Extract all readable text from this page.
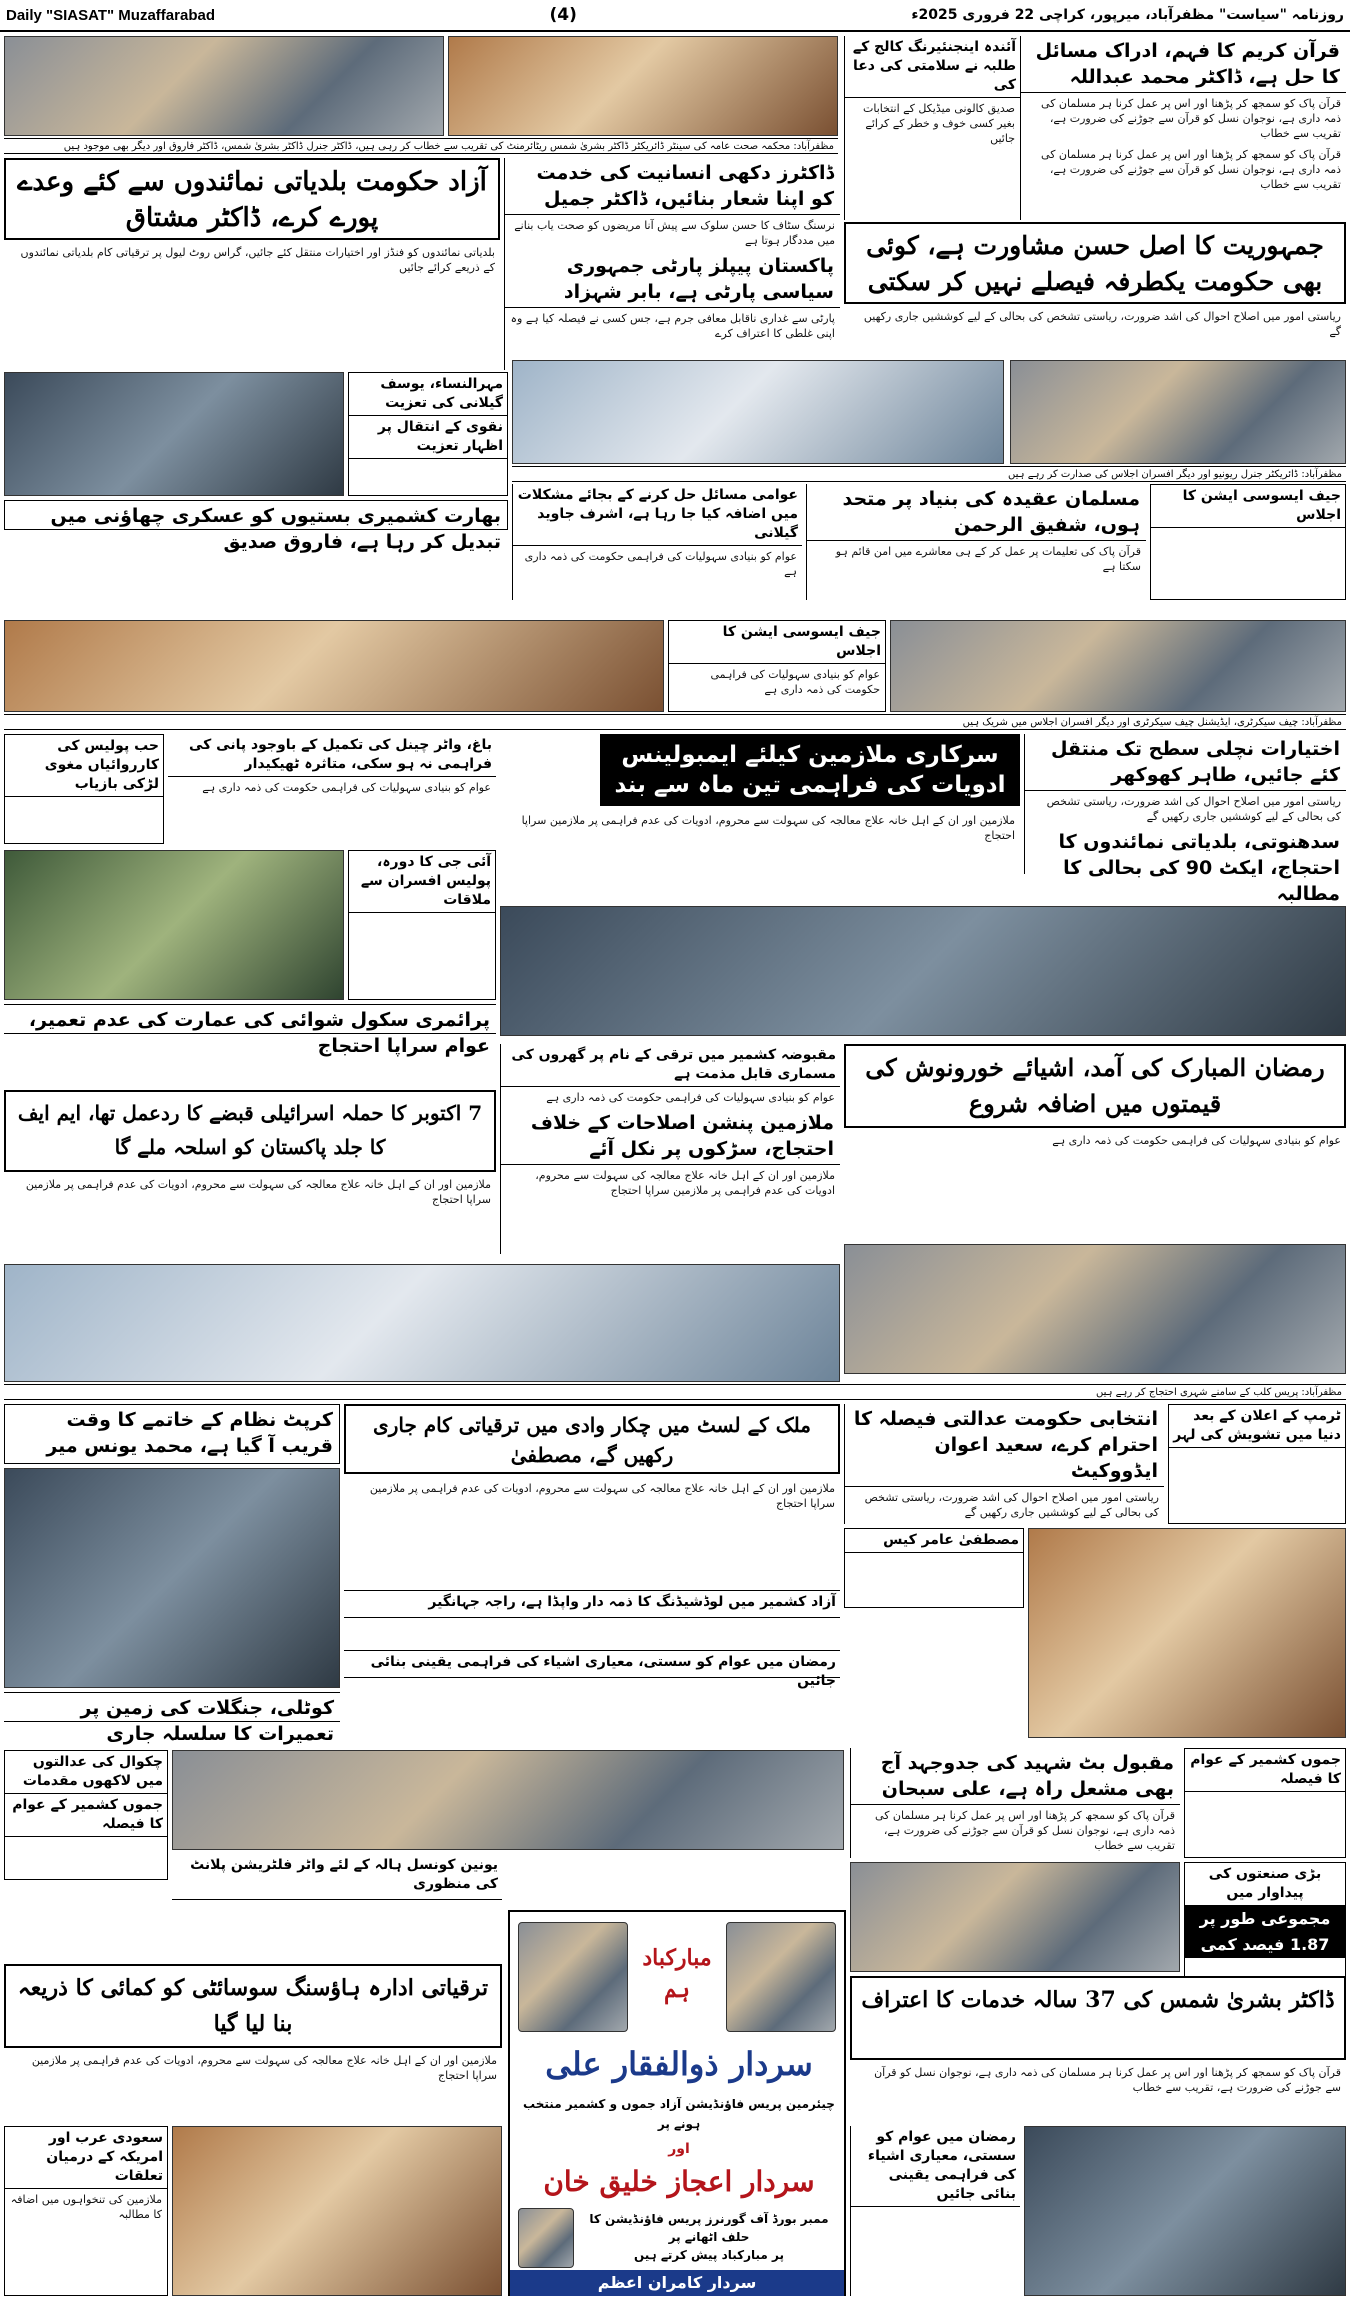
Daily "SIASAT" Muzaffarabad	(4)	روزنامہ "سیاست" مظفرآباد، میرپور، کراچی 22 فروری 2025ء
مظفرآباد: محکمہ صحت عامہ کی سینٹر ڈائریکٹر ڈاکٹر بشریٰ شمس ریٹائرمنٹ کی تقریب سے خطاب کر رہی ہیں، ڈاکٹر جنرل ڈاکٹر بشریٰ شمس، ڈاکٹر فاروق اور دیگر بھی موجود ہیں
قرآن کریم کا فہم، ادراک مسائل کا حل ہے، ڈاکٹر محمد عبداللہ
قرآن پاک کو سمجھ کر پڑھنا اور اس پر عمل کرنا ہر مسلمان کی ذمہ داری ہے، نوجوان نسل کو قرآن سے جوڑنے کی ضرورت ہے، تقریب سے خطاب
قرآن پاک کو سمجھ کر پڑھنا اور اس پر عمل کرنا ہر مسلمان کی ذمہ داری ہے، نوجوان نسل کو قرآن سے جوڑنے کی ضرورت ہے، تقریب سے خطاب
آئندہ اینجنئیرنگ کالج کے طلبہ نے سلامتی کی دعا کی
صدیق کالونی میڈیکل کے انتخابات بغیر کسی خوف و خطر کے کرائے جائیں
آزاد حکومت بلدیاتی نمائندوں سے کئے وعدے پورے کرے، ڈاکٹر مشتاق
بلدیاتی نمائندوں کو فنڈز اور اختیارات منتقل کئے جائیں، گراس روٹ لیول پر ترقیاتی کام بلدیاتی نمائندوں کے ذریعے کرائے جائیں
ڈاکٹرز دکھی انسانیت کی خدمت کو اپنا شعار بنائیں، ڈاکٹر جمیل
نرسنگ سٹاف کا حسن سلوک سے پیش آنا مریضوں کو صحت یاب بنانے میں مددگار ہوتا ہے
پاکستان پیپلز پارٹی جمہوری سیاسی پارٹی ہے، بابر شہزاد
پارٹی سے غداری ناقابل معافی جرم ہے، جس کسی نے فیصلہ کیا ہے وہ اپنی غلطی کا اعتراف کرے
جمہوریت کا اصل حسن مشاورت ہے، کوئی بھی حکومت یکطرفہ فیصلے نہیں کر سکتی
ریاستی امور میں اصلاح احوال کی اشد ضرورت، ریاستی تشخص کی بحالی کے لیے کوششیں جاری رکھیں گے
مظفرآباد: ڈائریکٹر جنرل ریونیو اور دیگر افسران اجلاس کی صدارت کر رہے ہیں
مہرالنساء، یوسف گیلانی کی تعزیت
نقوی کے انتقال پر اظہار تعزیت
بھارت کشمیری بستیوں کو عسکری چھاؤنی میں تبدیل کر رہا ہے، فاروق صدیق
عوامی مسائل حل کرنے کے بجائے مشکلات میں اضافہ کیا جا رہا ہے، اشرف جاوید گیلانی
عوام کو بنیادی سہولیات کی فراہمی حکومت کی ذمہ داری ہے
مسلمان عقیدہ کی بنیاد پر متحد ہوں، شفیق الرحمن
قرآن پاک کی تعلیمات پر عمل کر کے ہی معاشرے میں امن قائم ہو سکتا ہے
جیف ایسوسی ایشن کا اجلاس
جیف ایسوسی ایشن کا اجلاس
عوام کو بنیادی سہولیات کی فراہمی حکومت کی ذمہ داری ہے
مظفرآباد: چیف سیکرٹری، ایڈیشنل چیف سیکرٹری اور دیگر افسران اجلاس میں شریک ہیں
سرکاری ملازمین کیلئے ایمبولینس ادویات کی فراہمی تین ماہ سے بند
ملازمین اور ان کے اہل خانہ علاج معالجہ کی سہولت سے محروم، ادویات کی عدم فراہمی پر ملازمین سراپا احتجاج
حب پولیس کی کارروائیاں مغوی لڑکی بازیاب
باغ، واٹر چینل کی تکمیل کے باوجود پانی کی فراہمی نہ ہو سکی، متاثرہ ٹھیکیدار
عوام کو بنیادی سہولیات کی فراہمی حکومت کی ذمہ داری ہے
آئی جی کا دورہ، پولیس افسران سے ملاقات
پرائمری سکول شوائی کی عمارت کی عدم تعمیر، عوام سراپا احتجاج
اختیارات نچلی سطح تک منتقل کئے جائیں، طاہر کھوکھر
ریاستی امور میں اصلاح احوال کی اشد ضرورت، ریاستی تشخص کی بحالی کے لیے کوششیں جاری رکھیں گے
سدھنوتی، بلدیاتی نمائندوں کا احتجاج، ایکٹ 90 کی بحالی کا مطالبہ
رمضان المبارک کی آمد، اشیائے خورونوش کی قیمتوں میں اضافہ شروع
عوام کو بنیادی سہولیات کی فراہمی حکومت کی ذمہ داری ہے
7 اکتوبر کا حملہ اسرائیلی قبضے کا ردعمل تھا، ایم ایف کا جلد پاکستان کو اسلحہ ملے گا
ملازمین اور ان کے اہل خانہ علاج معالجہ کی سہولت سے محروم، ادویات کی عدم فراہمی پر ملازمین سراپا احتجاج
مقبوضہ کشمیر میں ترقی کے نام پر گھروں کی مسماری قابل مذمت ہے
عوام کو بنیادی سہولیات کی فراہمی حکومت کی ذمہ داری ہے
ملازمین پنشن اصلاحات کے خلاف احتجاج، سڑکوں پر نکل آئے
ملازمین اور ان کے اہل خانہ علاج معالجہ کی سہولت سے محروم، ادویات کی عدم فراہمی پر ملازمین سراپا احتجاج
مظفرآباد: پریس کلب کے سامنے شہری احتجاج کر رہے ہیں
کرپٹ نظام کے خاتمے کا وقت قریب آ گیا ہے، محمد یونس میر
ملک کے لسٹ میں چکار وادی میں ترقیاتی کام جاری رکھیں گے، مصطفیٰ
انتخابی حکومت عدالتی فیصلہ کا احترام کرے، سعید اعوان ایڈووکیٹ
ریاستی امور میں اصلاح احوال کی اشد ضرورت، ریاستی تشخص کی بحالی کے لیے کوششیں جاری رکھیں گے
ٹرمپ کے اعلان کے بعد دنیا میں تشویش کی لہر
ملازمین اور ان کے اہل خانہ علاج معالجہ کی سہولت سے محروم، ادویات کی عدم فراہمی پر ملازمین سراپا احتجاج
آزاد کشمیر میں لوڈشیڈنگ کا ذمہ دار واپڈا ہے، راجہ جہانگیر
رمضان میں عوام کو سستی، معیاری اشیاء کی فراہمی یقینی بنائی جائیں
کوٹلی، جنگلات کی زمین پر تعمیرات کا سلسلہ جاری
مصطفیٰ عامر کیس
چکوال کی عدالتوں میں لاکھوں مقدمات
جموں کشمیر کے عوام کا فیصلہ
یونین کونسل ہالہ کے لئے واٹر فلٹریشن پلانٹ کی منظوری
ترقیاتی ادارہ ہاؤسنگ سوسائٹی کو کمائی کا ذریعہ بنا لیا گیا
ملازمین اور ان کے اہل خانہ علاج معالجہ کی سہولت سے محروم، ادویات کی عدم فراہمی پر ملازمین سراپا احتجاج
مقبول بٹ شہید کی جدوجہد آج بھی مشعل راہ ہے، علی سبحان
قرآن پاک کو سمجھ کر پڑھنا اور اس پر عمل کرنا ہر مسلمان کی ذمہ داری ہے، نوجوان نسل کو قرآن سے جوڑنے کی ضرورت ہے، تقریب سے خطاب
جموں کشمیر کے عوام کا فیصلہ
بڑی صنعتوں کی پیداوار میں
مجموعی طور پر 1.87 فیصد کمی
ڈاکٹر بشریٰ شمس کی 37 سالہ خدمات کا اعتراف
قرآن پاک کو سمجھ کر پڑھنا اور اس پر عمل کرنا ہر مسلمان کی ذمہ داری ہے، نوجوان نسل کو قرآن سے جوڑنے کی ضرورت ہے، تقریب سے خطاب
رمضان میں عوام کو سستی، معیاری اشیاء کی فراہمی یقینی بنائی جائیں
مبارکباد
ہم
سردار ذوالفقار علی
چیئرمین پریس فاؤنڈیشن آزاد جموں و کشمیر منتخب ہونے پر
اور
سردار اعجاز خلیق خان
ممبر بورڈ آف گورنرز پریس فاؤنڈیشن کا حلف اٹھانے پر
پر مبارکباد پیش کرتے ہیں
سردار کامران اعظم
سعودی عرب اور امریکہ کے درمیان تعلقات
ملازمین کی تنخواہوں میں اضافہ کا مطالبہ
